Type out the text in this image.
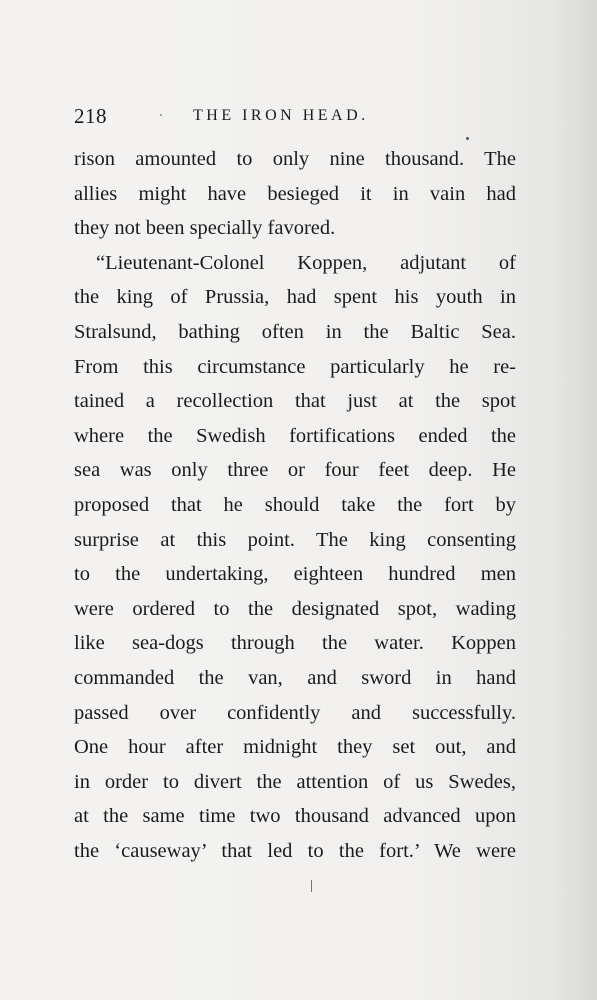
218	THE IRON HEAD.
rison amounted to only nine thousand. The
allies might have besieged it in vain had
they not been specially favored.
“Lieutenant-Colonel Koppen, adjutant of
the king of Prussia, had spent his youth in
Stralsund, bathing often in the Baltic Sea.
From this circumstance particularly he re-
tained a recollection that just at the spot
where the Swedish fortifications ended the
sea was only three or four feet deep. He
proposed that he should take the fort by
surprise at this point. The king consenting
to the undertaking, eighteen hundred men
were ordered to the designated spot, wading
like sea-dogs through the water. Koppen
commanded the van, and sword in hand
passed over confidently and successfully.
One hour after midnight they set out, and
in order to divert the attention of us Swedes,
at the same time two thousand advanced upon
the ‘causeway’ that led to the fort.’ We were
